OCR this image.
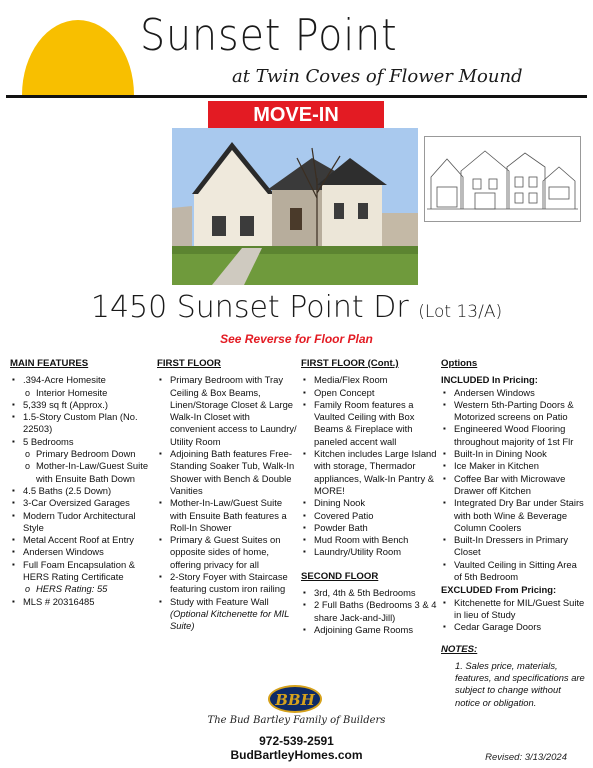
Sunset Point
at Twin Coves of Flower Mound
MOVE-IN
1450 Sunset Point Dr (Lot 13/A)
See Reverse for Floor Plan
MAIN FEATURES
▪ .394-Acre Homesite
o Interior Homesite
▪ 5,339 sq ft (Approx.)
▪ 1.5-Story Custom Plan (No. 22503)
▪ 5 Bedrooms
o Primary Bedroom Down
o Mother-In-Law/Guest Suite with Ensuite Bath Down
▪ 4.5 Baths (2.5 Down)
▪ 3-Car Oversized Garages
▪ Modern Tudor Architectural Style
▪ Metal Accent Roof at Entry
▪ Andersen Windows
▪ Full Foam Encapsulation & HERS Rating Certificate
o HERS Rating: 55
▪ MLS # 20316485
FIRST FLOOR
▪ Primary Bedroom with Tray Ceiling & Box Beams, Linen/Storage Closet & Large Walk-In Closet with convenient access to Laundry/ Utility Room
▪ Adjoining Bath features Free-Standing Soaker Tub, Walk-In Shower with Bench & Double Vanities
▪ Mother-In-Law/Guest Suite with Ensuite Bath features a Roll-In Shower
▪ Primary & Guest Suites on opposite sides of home, offering privacy for all
▪ 2-Story Foyer with Staircase featuring custom iron railing
▪ Study with Feature Wall
(Optional Kitchenette for MIL Suite)
FIRST FLOOR (Cont.)
▪ Media/Flex Room
▪ Open Concept
▪ Family Room features a Vaulted Ceiling with Box Beams & Fireplace with paneled accent wall
▪ Kitchen includes Large Island with storage, Thermador appliances, Walk-In Pantry & MORE!
▪ Dining Nook
▪ Covered Patio
▪ Powder Bath
▪ Mud Room with Bench
▪ Laundry/Utility Room
SECOND FLOOR
▪ 3rd, 4th & 5th Bedrooms
▪ 2 Full Baths (Bedrooms 3 & 4 share Jack-and-Jill)
▪ Adjoining Game Rooms
Options
INCLUDED In Pricing:
▪ Andersen Windows
▪ Western 5th-Parting Doors & Motorized screens on Patio
▪ Engineered Wood Flooring throughout majority of 1st Flr
▪ Built-In in Dining Nook
▪ Ice Maker in Kitchen
▪ Coffee Bar with Microwave Drawer off Kitchen
▪ Integrated Dry Bar under Stairs with both Wine & Beverage Column Coolers
▪ Built-In Dressers in Primary Closet
▪ Vaulted Ceiling in Sitting Area of 5th Bedroom
EXCLUDED From Pricing:
▪ Kitchenette for MIL/Guest Suite in lieu of Study
▪ Cedar Garage Doors
NOTES:
1. Sales price, materials, features, and specifications are subject to change without notice or obligation.
BBH
The Bud Bartley Family of Builders
972-539-2591
BudBartleyHomes.com	Revised: 3/13/2024
